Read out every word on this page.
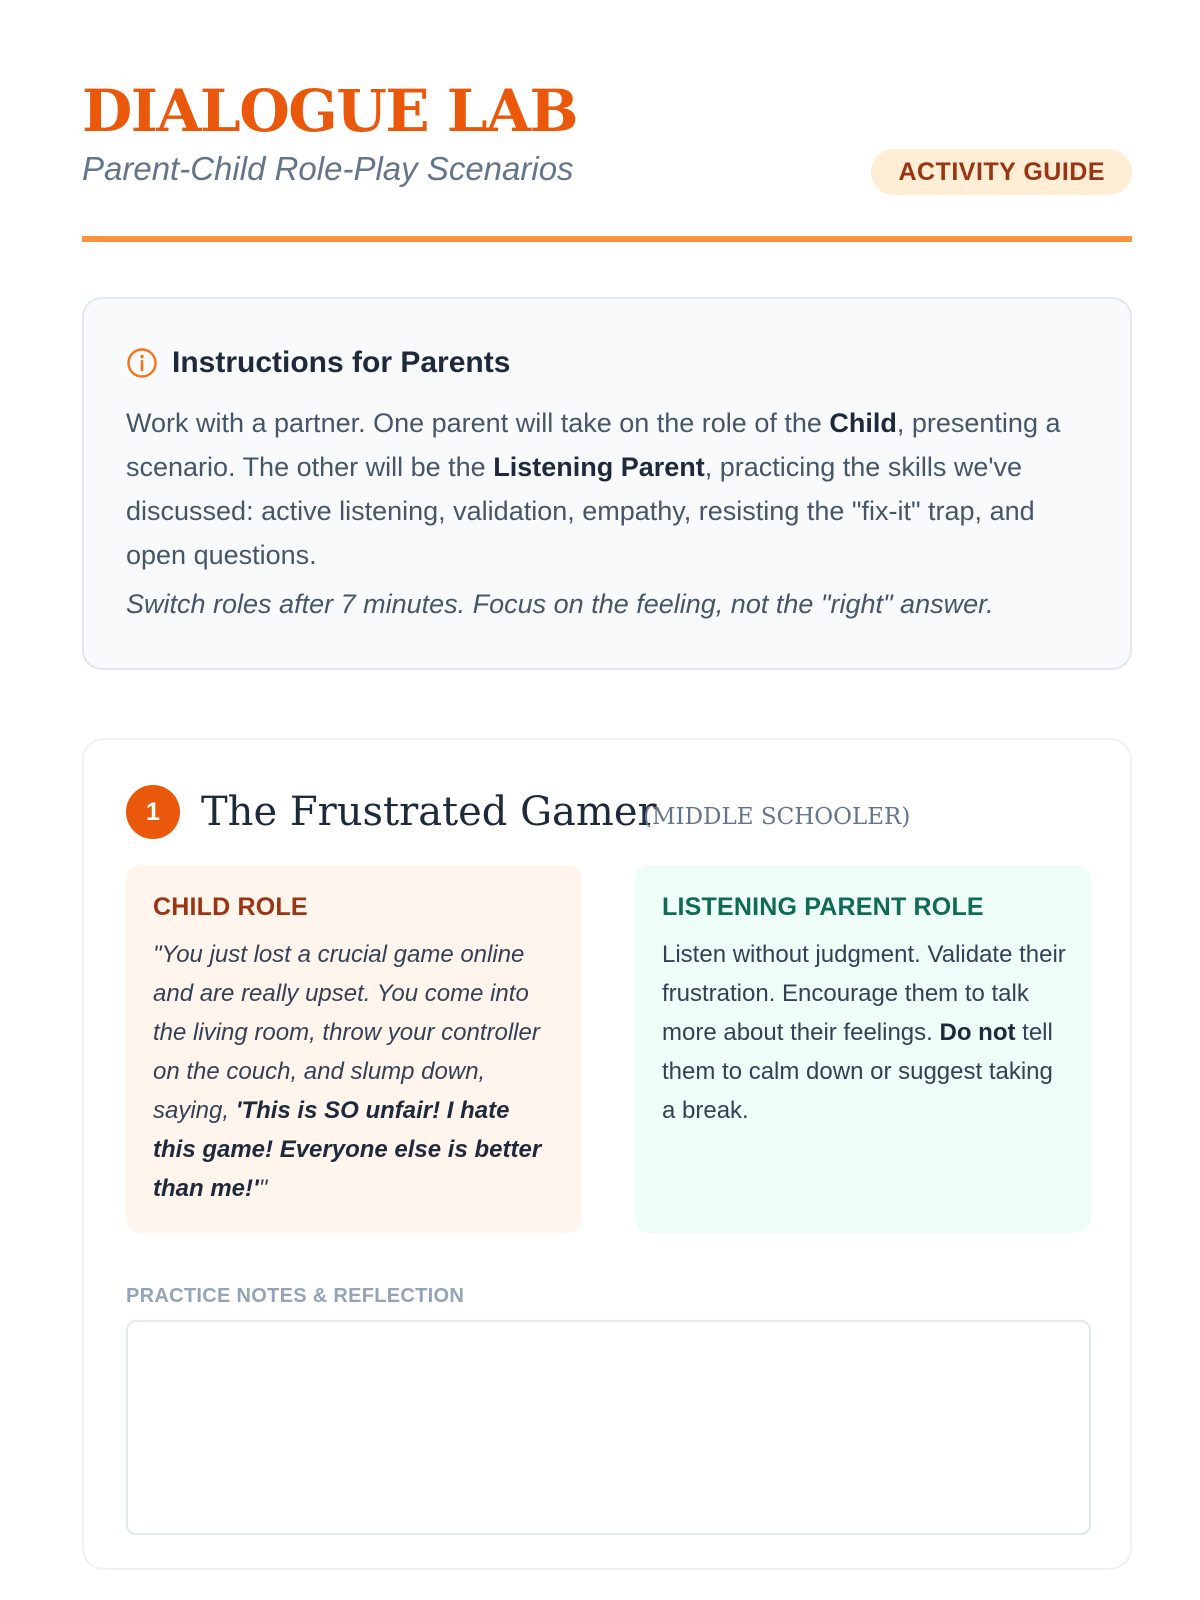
DIALOGUE LAB
Parent-Child Role-Play Scenarios	ACTIVITY GUIDE
Instructions for Parents

Work with a partner. One parent will take on the role of the Child, presenting a scenario. The other will be the Listening Parent, practicing the skills we've discussed: active listening, validation, empathy, resisting the "fix-it" trap, and open questions.

Switch roles after 7 minutes. Focus on the feeling, not the "right" answer.

1	The Frustrated Gamer
(MIDDLE SCHOOLER)
CHILD ROLE

"You just lost a crucial game online and are really upset. You come into the living room, throw your controller on the couch, and slump down, saying, 'This is SO unfair! I hate this game! Everyone else is better than me!'"

LISTENING PARENT ROLE

Listen without judgment. Validate their frustration. Encourage them to talk more about their feelings. Do not tell them to calm down or suggest taking a break.

PRACTICE NOTES & REFLECTION
